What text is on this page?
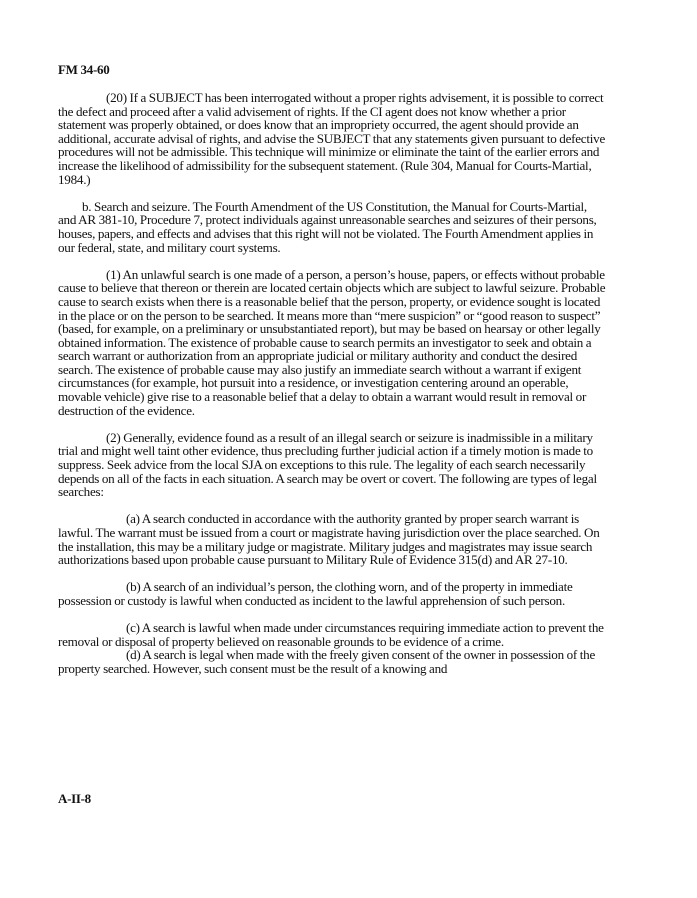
FM 34-60

(20) If a SUBJECT has been interrogated without a proper rights advisement, it is possible to correct the defect and proceed after a valid advisement of rights. If the CI agent does not know whether a prior statement was properly obtained, or does know that an impropriety occurred, the agent should provide an additional, accurate advisal of rights, and advise the SUBJECT that any statements given pursuant to defective procedures will not be admissible. This technique will minimize or eliminate the taint of the earlier errors and increase the likelihood of admissibility for the subsequent statement. (Rule 304, Manual for Courts-Martial, 1984.)

b. Search and seizure. The Fourth Amendment of the US Constitution, the Manual for Courts-Martial, and AR 381-10, Procedure 7, protect individuals against unreasonable searches and seizures of their persons, houses, papers, and effects and advises that this right will not be violated. The Fourth Amendment applies in our federal, state, and military court systems.

(1) An unlawful search is one made of a person, a person’s house, papers, or effects without probable cause to believe that thereon or therein are located certain objects which are subject to lawful seizure. Probable cause to search exists when there is a reasonable belief that the person, property, or evidence sought is located in the place or on the person to be searched. It means more than “mere suspicion” or “good reason to suspect” (based, for example, on a preliminary or unsubstantiated report), but may be based on hearsay or other legally obtained information. The existence of probable cause to search permits an investigator to seek and obtain a search warrant or authorization from an appropriate judicial or military authority and conduct the desired search. The existence of probable cause may also justify an immediate search without a warrant if exigent circumstances (for example, hot pursuit into a residence, or investigation centering around an operable, movable vehicle) give rise to a reasonable belief that a delay to obtain a warrant would result in removal or destruction of the evidence.

(2) Generally, evidence found as a result of an illegal search or seizure is inadmissible in a military trial and might well taint other evidence, thus precluding further judicial action if a timely motion is made to suppress. Seek advice from the local SJA on exceptions to this rule. The legality of each search necessarily depends on all of the facts in each situation. A search may be overt or covert. The following are types of legal searches:

(a) A search conducted in accordance with the authority granted by proper search warrant is lawful. The warrant must be issued from a court or magistrate having jurisdiction over the place searched. On the installation, this may be a military judge or magistrate. Military judges and magistrates may issue search authorizations based upon probable cause pursuant to Military Rule of Evidence 315(d) and AR 27-10.

(b) A search of an individual’s person, the clothing worn, and of the property in immediate possession or custody is lawful when conducted as incident to the lawful apprehension of such person.

(c) A search is lawful when made under circumstances requiring immediate action to prevent the removal or disposal of property believed on reasonable grounds to be evidence of a crime.

(d) A search is legal when made with the freely given consent of the owner in possession of the property searched. However, such consent must be the result of a knowing and

A-II-8
